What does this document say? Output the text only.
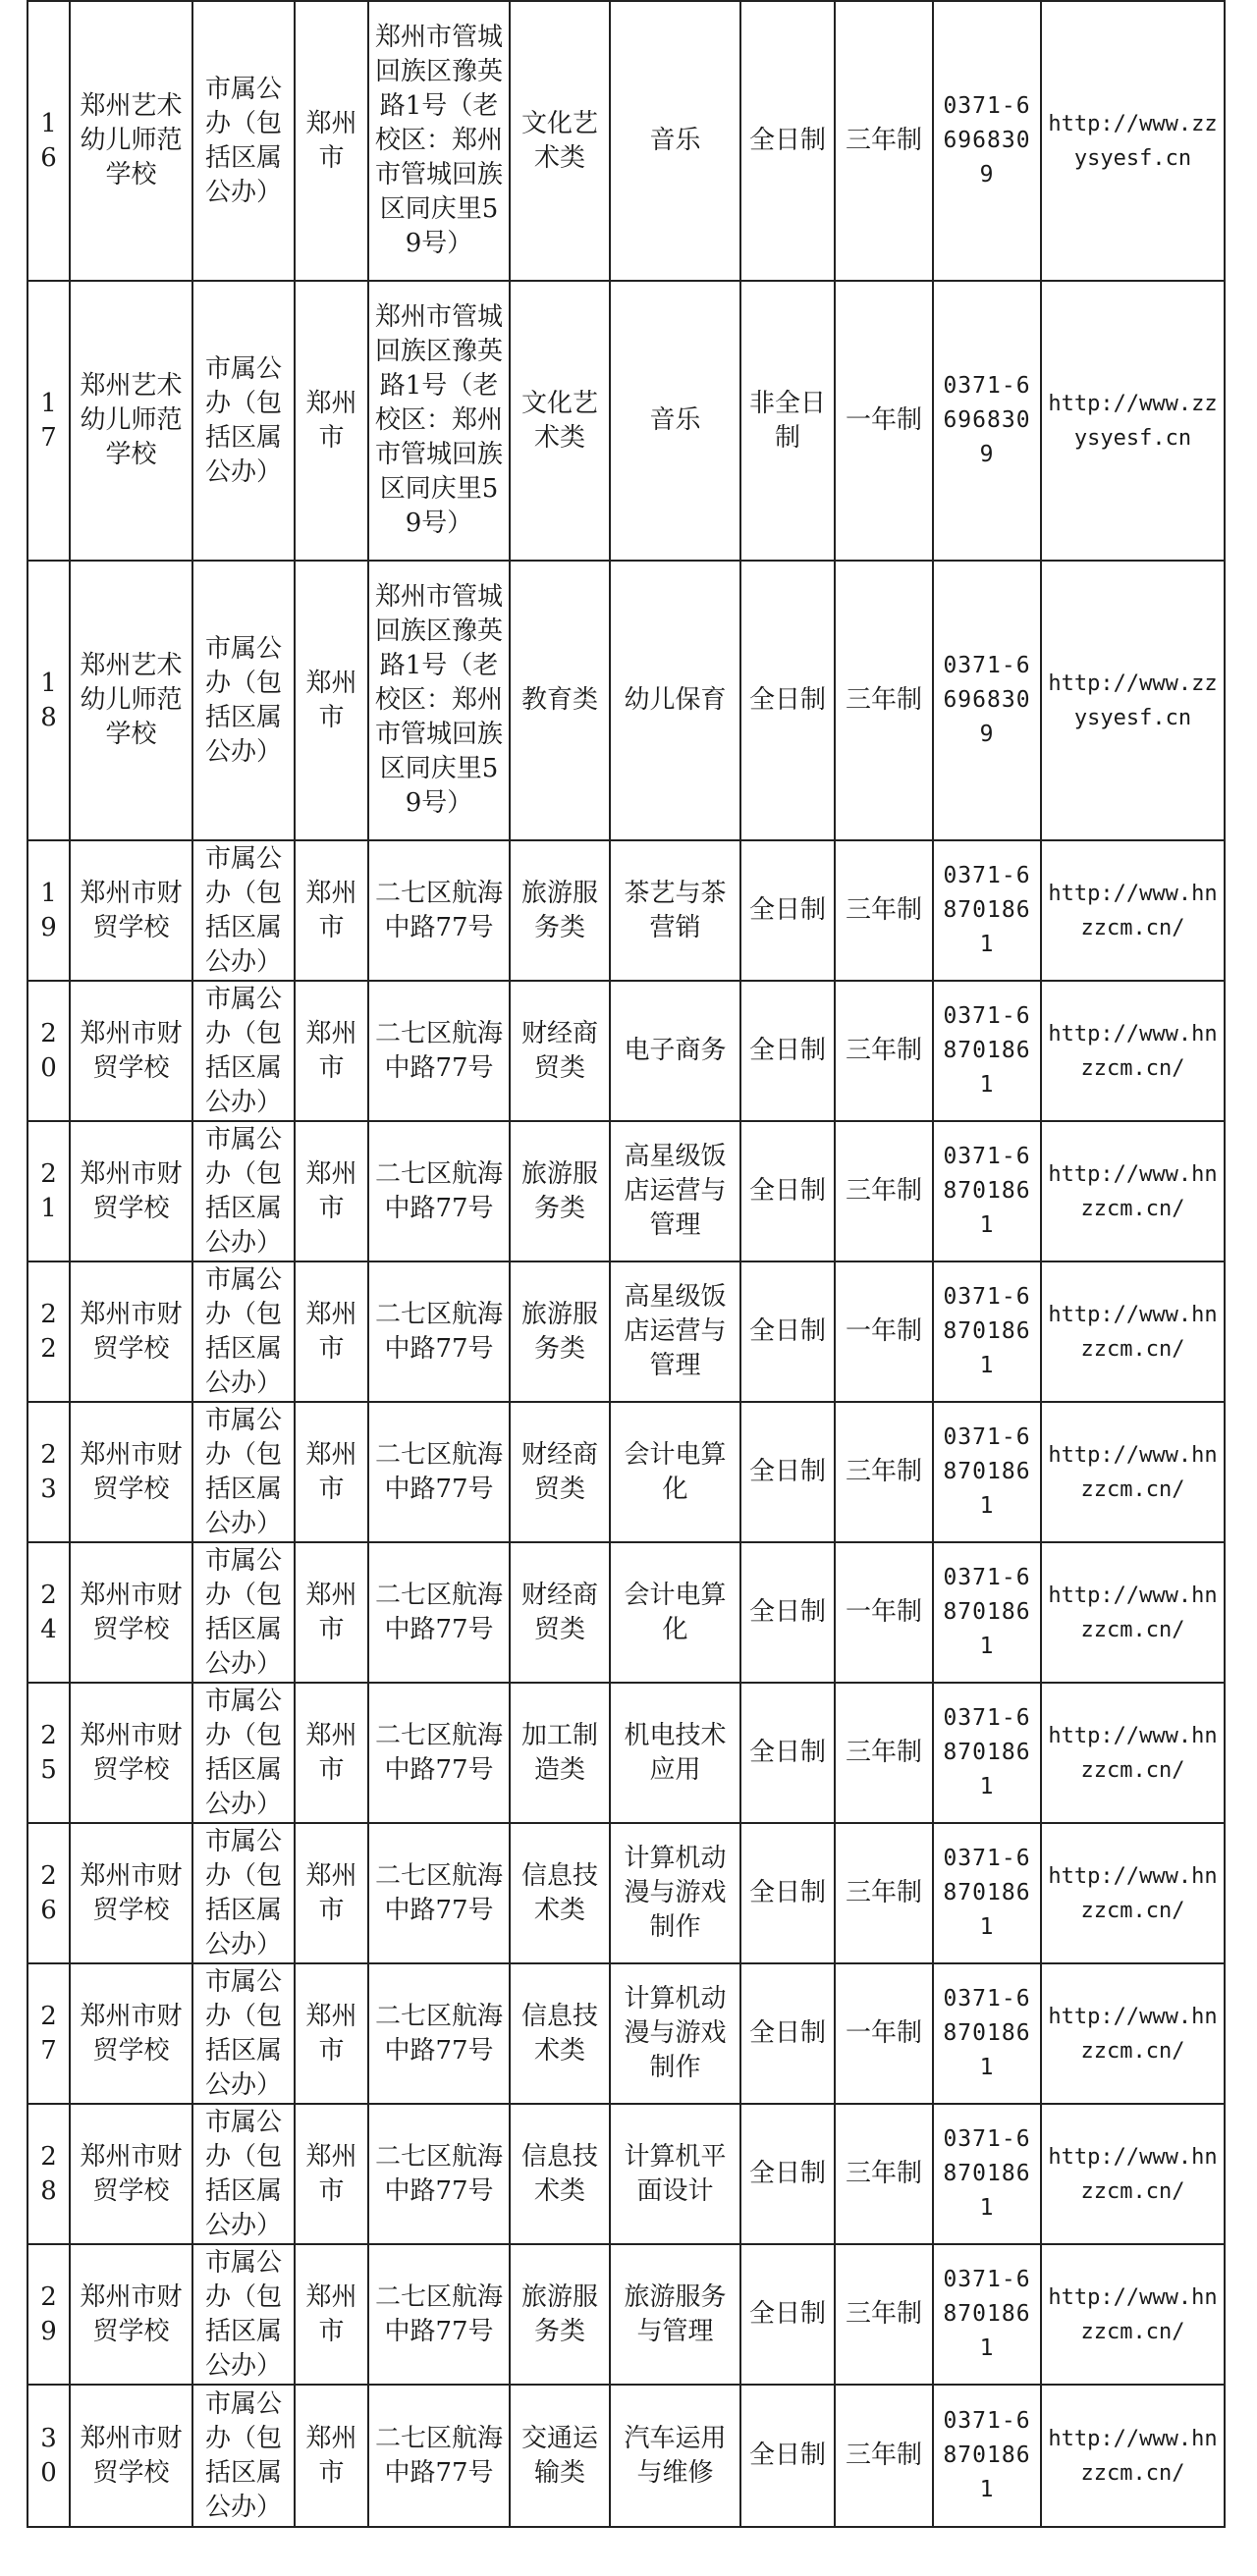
16	郑州艺术幼儿师范学校	市属公办（包括区属公办）	郑州市	郑州市管城回族区豫英路1号（老校区：郑州市管城回族区同庆里59号）	文化艺术类	音乐	全日制	三年制	0371-66968309	http://www.zzysyesf.cn
17	郑州艺术幼儿师范学校	市属公办（包括区属公办）	郑州市	郑州市管城回族区豫英路1号（老校区：郑州市管城回族区同庆里59号）	文化艺术类	音乐	非全日制	一年制	0371-66968309	http://www.zzysyesf.cn
18	郑州艺术幼儿师范学校	市属公办（包括区属公办）	郑州市	郑州市管城回族区豫英路1号（老校区：郑州市管城回族区同庆里59号）	教育类	幼儿保育	全日制	三年制	0371-66968309	http://www.zzysyesf.cn
19	郑州市财贸学校	市属公办（包括区属公办）	郑州市	二七区航海中路77号	旅游服务类	茶艺与茶营销	全日制	三年制	0371-68701861	http://www.hnzzcm.cn/
20	郑州市财贸学校	市属公办（包括区属公办）	郑州市	二七区航海中路77号	财经商贸类	电子商务	全日制	三年制	0371-68701861	http://www.hnzzcm.cn/
21	郑州市财贸学校	市属公办（包括区属公办）	郑州市	二七区航海中路77号	旅游服务类	高星级饭店运营与管理	全日制	三年制	0371-68701861	http://www.hnzzcm.cn/
22	郑州市财贸学校	市属公办（包括区属公办）	郑州市	二七区航海中路77号	旅游服务类	高星级饭店运营与管理	全日制	一年制	0371-68701861	http://www.hnzzcm.cn/
23	郑州市财贸学校	市属公办（包括区属公办）	郑州市	二七区航海中路77号	财经商贸类	会计电算化	全日制	三年制	0371-68701861	http://www.hnzzcm.cn/
24	郑州市财贸学校	市属公办（包括区属公办）	郑州市	二七区航海中路77号	财经商贸类	会计电算化	全日制	一年制	0371-68701861	http://www.hnzzcm.cn/
25	郑州市财贸学校	市属公办（包括区属公办）	郑州市	二七区航海中路77号	加工制造类	机电技术应用	全日制	三年制	0371-68701861	http://www.hnzzcm.cn/
26	郑州市财贸学校	市属公办（包括区属公办）	郑州市	二七区航海中路77号	信息技术类	计算机动漫与游戏制作	全日制	三年制	0371-68701861	http://www.hnzzcm.cn/
27	郑州市财贸学校	市属公办（包括区属公办）	郑州市	二七区航海中路77号	信息技术类	计算机动漫与游戏制作	全日制	一年制	0371-68701861	http://www.hnzzcm.cn/
28	郑州市财贸学校	市属公办（包括区属公办）	郑州市	二七区航海中路77号	信息技术类	计算机平面设计	全日制	三年制	0371-68701861	http://www.hnzzcm.cn/
29	郑州市财贸学校	市属公办（包括区属公办）	郑州市	二七区航海中路77号	旅游服务类	旅游服务与管理	全日制	三年制	0371-68701861	http://www.hnzzcm.cn/
30	郑州市财贸学校	市属公办（包括区属公办）	郑州市	二七区航海中路77号	交通运输类	汽车运用与维修	全日制	三年制	0371-68701861	http://www.hnzzcm.cn/
